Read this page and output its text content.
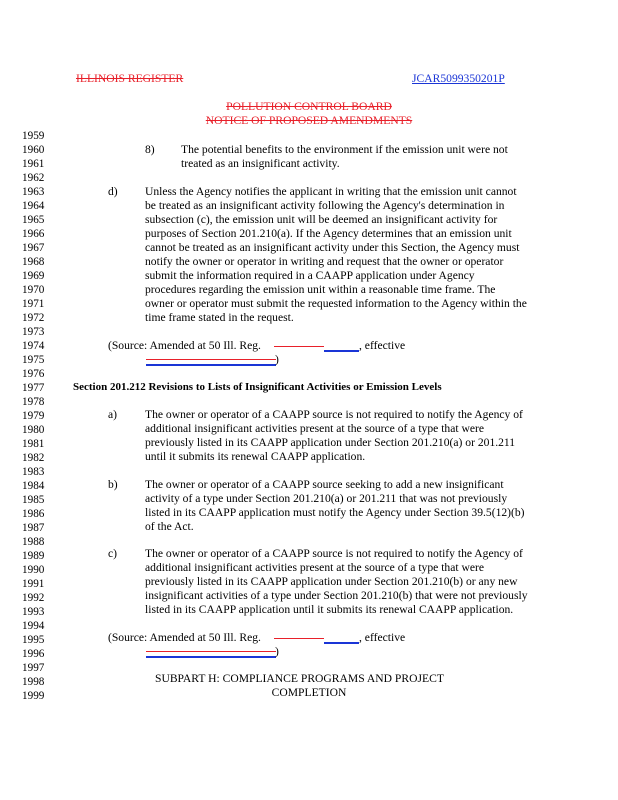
ILLINOIS REGISTER	JCAR5099350201P
POLLUTION CONTROL BOARD
NOTICE OF PROPOSED AMENDMENTS
1959
1960
1961
1962
1963
1964
1965
1966
1967
1968
1969
1970
1971
1972
1973
1974
1975
1976
1977
1978
1979
1980
1981
1982
1983
1984
1985
1986
1987
1988
1989
1990
1991
1992
1993
1994
1995
1996
1997
1998
1999
8) The potential benefits to the environment if the emission unit were not
treated as an insignificant activity.
d) Unless the Agency notifies the applicant in writing that the emission unit cannot
be treated as an insignificant activity following the Agency's determination in
subsection (c), the emission unit will be deemed an insignificant activity for
purposes of Section 201.210(a). If the Agency determines that an emission unit
cannot be treated as an insignificant activity under this Section, the Agency must
notify the owner or operator in writing and request that the owner or operator
submit the information required in a CAAPP application under Agency
procedures regarding the emission unit within a reasonable time frame. The
owner or operator must submit the requested information to the Agency within the
time frame stated in the request.
(Source: Amended at 50 Ill. Reg.	, effective
)
Section 201.212 Revisions to Lists of Insignificant Activities or Emission Levels
a) The owner or operator of a CAAPP source is not required to notify the Agency of
additional insignificant activities present at the source of a type that were
previously listed in its CAAPP application under Section 201.210(a) or 201.211
until it submits its renewal CAAPP application.
b) The owner or operator of a CAAPP source seeking to add a new insignificant
activity of a type under Section 201.210(a) or 201.211 that was not previously
listed in its CAAPP application must notify the Agency under Section 39.5(12)(b)
of the Act.
c) The owner or operator of a CAAPP source is not required to notify the Agency of
additional insignificant activities present at the source of a type that were
previously listed in its CAAPP application under Section 201.210(b) or any new
insignificant activities of a type under Section 201.210(b) that were not previously
listed in its CAAPP application until it submits its renewal CAAPP application.
(Source: Amended at 50 Ill. Reg.	, effective
)
SUBPART H: COMPLIANCE PROGRAMS AND PROJECT
COMPLETION
